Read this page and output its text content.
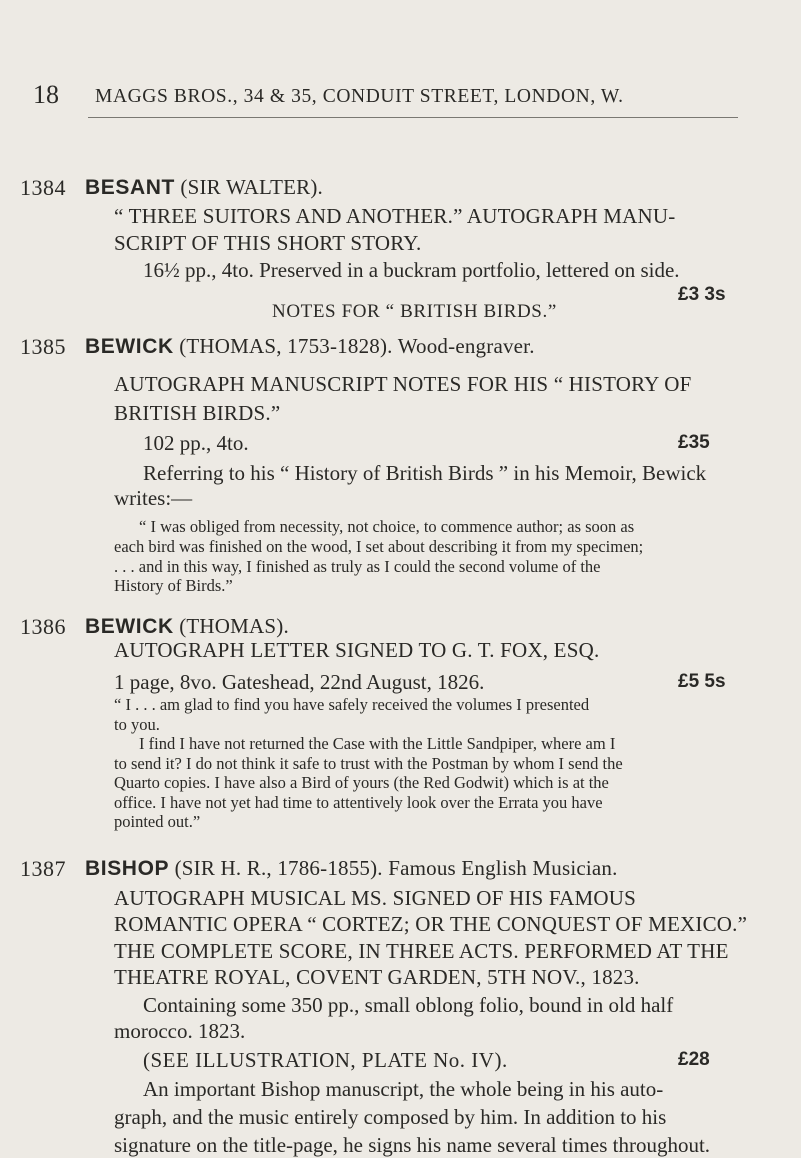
18 MAGGS BROS., 34 & 35, CONDUIT STREET, LONDON, W.
1384 BESANT (SIR WALTER).
“ THREE SUITORS AND ANOTHER.” AUTOGRAPH MANU-
SCRIPT OF THIS SHORT STORY.
16½ pp., 4to. Preserved in a buckram portfolio, lettered on side.
£3 3s
NOTES FOR “ BRITISH BIRDS.”
1385 BEWICK (THOMAS, 1753-1828). Wood-engraver.
AUTOGRAPH MANUSCRIPT NOTES FOR HIS “ HISTORY OF
BRITISH BIRDS.”
102 pp., 4to.	£35
Referring to his “ History of British Birds ” in his Memoir, Bewick
writes:—
“ I was obliged from necessity, not choice, to commence author; as soon as
each bird was finished on the wood, I set about describing it from my specimen;
. . . and in this way, I finished as truly as I could the second volume of the
History of Birds.”
1386 BEWICK (THOMAS).
AUTOGRAPH LETTER SIGNED TO G. T. FOX, ESQ.
1 page, 8vo. Gateshead, 22nd August, 1826.	£5 5s
“ I . . . am glad to find you have safely received the volumes I presented
to you.
I find I have not returned the Case with the Little Sandpiper, where am I
to send it? I do not think it safe to trust with the Postman by whom I send the
Quarto copies. I have also a Bird of yours (the Red Godwit) which is at the
office. I have not yet had time to attentively look over the Errata you have
pointed out.”
1387 BISHOP (SIR H. R., 1786-1855). Famous English Musician.
AUTOGRAPH MUSICAL MS. SIGNED OF HIS FAMOUS
ROMANTIC OPERA “ CORTEZ; OR THE CONQUEST OF MEXICO.”
THE COMPLETE SCORE, IN THREE ACTS. PERFORMED AT THE
THEATRE ROYAL, COVENT GARDEN, 5TH NOV., 1823.
Containing some 350 pp., small oblong folio, bound in old half
morocco. 1823.
(SEE ILLUSTRATION, PLATE No. IV).	£28
An important Bishop manuscript, the whole being in his auto-
graph, and the music entirely composed by him. In addition to his
signature on the title-page, he signs his name several times throughout.
